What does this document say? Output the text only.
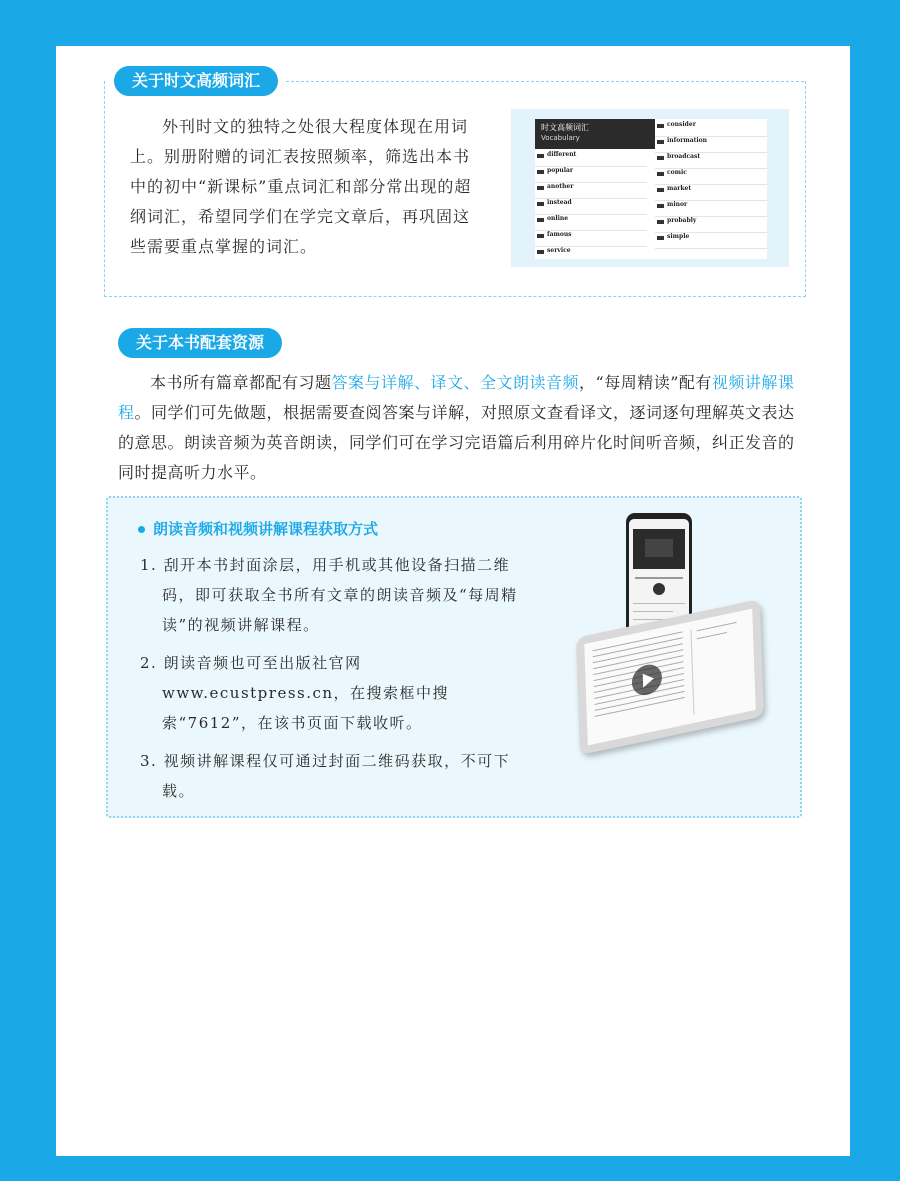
关于时文高频词汇

外刊时文的独特之处很大程度体现在用词上。别册附赠的词汇表按照频率，筛选出本书中的初中“新课标”重点词汇和部分常出现的超纲词汇，希望同学们在学完文章后，再巩固这些需要重点掌握的词汇。

时文高频词汇
Vocabulary
different
popular
another
instead
online
famous
service
consider
information
broadcast
comic
market
minor
probably
simple
关于本书配套资源

本书所有篇章都配有习题答案与详解、译文、全文朗读音频，“每周精读”配有视频讲解课程。同学们可先做题，根据需要查阅答案与详解，对照原文查看译文，逐词逐句理解英文表达的意思。朗读音频为英音朗读，同学们可在学习完语篇后利用碎片化时间听音频，纠正发音的同时提高听力水平。

朗读音频和视频讲解课程获取方式

1. 刮开本书封面涂层，用手机或其他设备扫描二维码，即可获取全书所有文章的朗读音频及“每周精读”的视频讲解课程。

2. 朗读音频也可至出版社官网 www.ecustpress.cn，在搜索框中搜索“7612”，在该书页面下载收听。

3. 视频讲解课程仅可通过封面二维码获取，不可下载。
